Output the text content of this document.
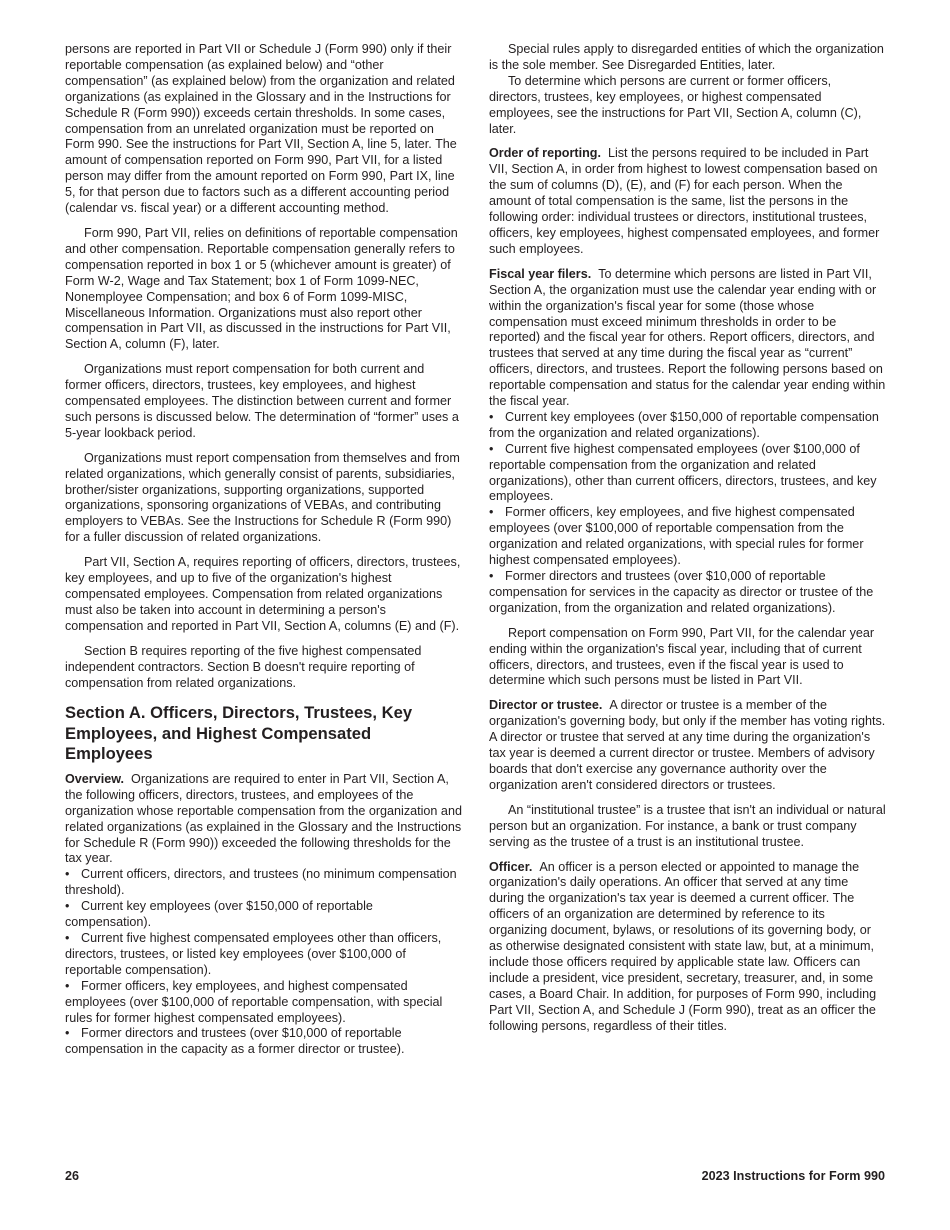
persons are reported in Part VII or Schedule J (Form 990) only if their reportable compensation (as explained below) and “other compensation” (as explained below) from the organization and related organizations (as explained in the Glossary and in the Instructions for Schedule R (Form 990)) exceeds certain thresholds. In some cases, compensation from an unrelated organization must be reported on Form 990. See the instructions for Part VII, Section A, line 5, later. The amount of compensation reported on Form 990, Part VII, for a listed person may differ from the amount reported on Form 990, Part IX, line 5, for that person due to factors such as a different accounting period (calendar vs. fiscal year) or a different accounting method.

Form 990, Part VII, relies on definitions of reportable compensation and other compensation. Reportable compensation generally refers to compensation reported in box 1 or 5 (whichever amount is greater) of Form W-2, Wage and Tax Statement; box 1 of Form 1099-NEC, Nonemployee Compensation; and box 6 of Form 1099-MISC, Miscellaneous Information. Organizations must also report other compensation in Part VII, as discussed in the instructions for Part VII, Section A, column (F), later.

Organizations must report compensation for both current and former officers, directors, trustees, key employees, and highest compensated employees. The distinction between current and former such persons is discussed below. The determination of “former” uses a 5-year lookback period.

Organizations must report compensation from themselves and from related organizations, which generally consist of parents, subsidiaries, brother/sister organizations, supporting organizations, supported organizations, sponsoring organizations of VEBAs, and contributing employers to VEBAs. See the Instructions for Schedule R (Form 990) for a fuller discussion of related organizations.

Part VII, Section A, requires reporting of officers, directors, trustees, key employees, and up to five of the organization's highest compensated employees. Compensation from related organizations must also be taken into account in determining a person's compensation and reported in Part VII, Section A, columns (E) and (F).

Section B requires reporting of the five highest compensated independent contractors. Section B doesn't require reporting of compensation from related organizations.

Section A. Officers, Directors, Trustees, Key Employees, and Highest Compensated Employees

Overview. Organizations are required to enter in Part VII, Section A, the following officers, directors, trustees, and employees of the organization whose reportable compensation from the organization and related organizations (as explained in the Glossary and the Instructions for Schedule R (Form 990)) exceeded the following thresholds for the tax year.

• Current officers, directors, and trustees (no minimum compensation threshold).

• Current key employees (over $150,000 of reportable compensation).

• Current five highest compensated employees other than officers, directors, trustees, or listed key employees (over $100,000 of reportable compensation).

• Former officers, key employees, and highest compensated employees (over $100,000 of reportable compensation, with special rules for former highest compensated employees).

• Former directors and trustees (over $10,000 of reportable compensation in the capacity as a former director or trustee).

Special rules apply to disregarded entities of which the organization is the sole member. See Disregarded Entities, later.

To determine which persons are current or former officers, directors, trustees, key employees, or highest compensated employees, see the instructions for Part VII, Section A, column (C), later.

Order of reporting. List the persons required to be included in Part VII, Section A, in order from highest to lowest compensation based on the sum of columns (D), (E), and (F) for each person. When the amount of total compensation is the same, list the persons in the following order: individual trustees or directors, institutional trustees, officers, key employees, highest compensated employees, and former such employees.

Fiscal year filers. To determine which persons are listed in Part VII, Section A, the organization must use the calendar year ending with or within the organization's fiscal year for some (those whose compensation must exceed minimum thresholds in order to be reported) and the fiscal year for others. Report officers, directors, and trustees that served at any time during the fiscal year as “current” officers, directors, and trustees. Report the following persons based on reportable compensation and status for the calendar year ending within the fiscal year.

• Current key employees (over $150,000 of reportable compensation from the organization and related organizations).

• Current five highest compensated employees (over $100,000 of reportable compensation from the organization and related organizations), other than current officers, directors, trustees, and key employees.

• Former officers, key employees, and five highest compensated employees (over $100,000 of reportable compensation from the organization and related organizations, with special rules for former highest compensated employees).

• Former directors and trustees (over $10,000 of reportable compensation for services in the capacity as director or trustee of the organization, from the organization and related organizations).

Report compensation on Form 990, Part VII, for the calendar year ending within the organization's fiscal year, including that of current officers, directors, and trustees, even if the fiscal year is used to determine which such persons must be listed in Part VII.

Director or trustee. A director or trustee is a member of the organization's governing body, but only if the member has voting rights. A director or trustee that served at any time during the organization's tax year is deemed a current director or trustee. Members of advisory boards that don't exercise any governance authority over the organization aren't considered directors or trustees.

An “institutional trustee” is a trustee that isn't an individual or natural person but an organization. For instance, a bank or trust company serving as the trustee of a trust is an institutional trustee.

Officer. An officer is a person elected or appointed to manage the organization's daily operations. An officer that served at any time during the organization's tax year is deemed a current officer. The officers of an organization are determined by reference to its organizing document, bylaws, or resolutions of its governing body, or as otherwise designated consistent with state law, but, at a minimum, include those officers required by applicable state law. Officers can include a president, vice president, secretary, treasurer, and, in some cases, a Board Chair. In addition, for purposes of Form 990, including Part VII, Section A, and Schedule J (Form 990), treat as an officer the following persons, regardless of their titles.

26	2023 Instructions for Form 990
